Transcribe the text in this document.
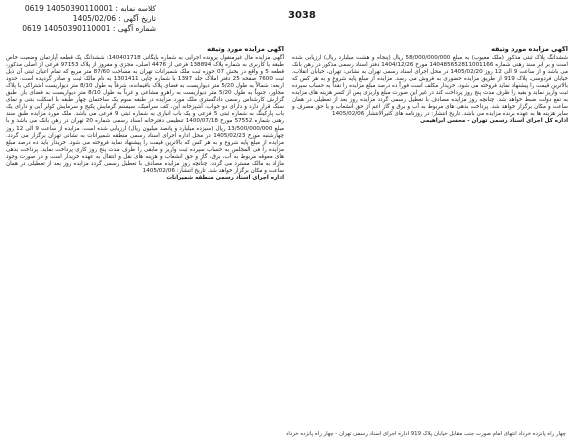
کلاسه نمابه : 14050390110001 0619
تاریخ آگهی : 1405/02/06
شماره آگهی : 14050390110001 0619
3038
آگهی مزایده مورد وثیقه

ششدانگ پلاک ثبتی مذکور (ملک معیوب) به مبلغ 58/000/000/000 ریال (پنجاه و هشت میلیارد ریال) ارزیابی شده است و بر ابر سند رهنی شماره 140485652811001166 مورخ 1404/12/26 دفتر اسناد رسمی مذکور در رهن بانک می باشد و از ساعت 9 الی 12 روز 1405/02/20 در محل اجرای اسناد رسمی تهران به نشانی: تهران، خیابان انقلاب، خیابان فردوسی، پلاک 919 از طریق مزایده حضوری به فروش می رسد. مزایده از مبلغ پایه شروع و به هر کس که بالاترین قیمت را پیشنهاد نماید فروخته می شود. خریدار مکلف است فوراً ده درصد مبلغ مزایده را نقداً به حساب سپرده ثبت واریز نماید و بقیه را ظرف مدت پنج روز پرداخت کند در غیر این صورت مبلغ واریزی پس از کسر هزینه های مزایده به نفع دولت ضبط خواهد شد. چنانچه روز مزایده مصادف با تعطیل رسمی گردد مزایده روز بعد از تعطیلی در همان ساعت و مکان برگزار خواهد شد. پرداخت بدهی های مربوط به آب و برق و گاز اعم از حق انشعاب و یا حق مصرف و سایر هزینه ها به عهده برنده مزایده می باشد. تاریخ انتشار: در روزنامه های کثیرالانتشار 1405/02/06

اداره کل اجرای اسناد رسمی تهران - محسن ابراهیمی

آگهی مزایده مورد وثیقه

آگهی مزایده مال غیرمنقول پرونده اجرایی به شماره بایگانی 140401718: ششدانگ یک قطعه آپارتمان وضعیت خاص طبقه با کاربری به شماره پلاک 138894 فرعی از 4476 اصلی، مجزی و مفروز از پلاک 97153 فرعی از اصلی مذکور، قطعه 5 و واقع در بخش 07 حوزه ثبت ملک شمیرانات تهران به مساحت 87/60 متر مربع که تمام اعیان ثبتی آن ذیل ثبت 7600 صفحه 25 دفتر املاک جلد 1397 با شماره چاپی 1301411 به نام مالک ثبت و صادر گردیده است. حدود اربعه: شمالاً به طول 5/20 متر دیواریست به فضای پلاک باقیمانده، شرقاً به طول 8/10 متر دیواریست اشتراکی با پلاک مجاور، جنوباً به طول 5/20 متر دیواریست به راهرو مشاعی و غرباً به طول 8/10 متر دیواریست به فضای باز. طبق گزارش کارشناس رسمی دادگستری ملک مورد مزایده در طبقه سوم یک ساختمان چهار طبقه با اسکلت بتنی و نمای سنگ قرار دارد و دارای دو خواب، آشپزخانه اپن، کف سرامیک، سیستم گرمایش پکیج و سرمایش کولر آبی و دارای یک باب پارکینگ به شماره ثبتی 5 فرعی و یک باب انباری به شماره ثبتی 9 فرعی می باشد. ملک مورد مزایده طبق سند رهنی شماره 57552 مورخ 1400/07/18 تنظیمی دفترخانه اسناد رسمی شماره 20 تهران در رهن بانک می باشد و با مبلغ 13/500/000/000 ریال (سیزده میلیارد و پانصد میلیون ریال) ارزیابی شده است. مزایده از ساعت 9 الی 12 روز چهارشنبه مورخ 1405/02/23 در محل اداره اجرای اسناد رسمی منطقه شمیرانات به نشانی تهران برگزار می گردد. مزایده از مبلغ پایه شروع و به هر کس که بالاترین قیمت را پیشنهاد نماید فروخته می شود. خریدار باید ده درصد مبلغ مزایده را فی المجلس به حساب سپرده ثبت واریز و مابقی را ظرف مدت پنج روز کاری پرداخت نماید. پرداخت بدهی های معوقه مربوط به آب، برق، گاز و حق انشعاب و هزینه های نقل و انتقال به عهده خریدار است و در صورت وجود مازاد به مالک مسترد می گردد. چنانچه روز مزایده مصادف با تعطیل رسمی گردد مزایده روز بعد از تعطیلی در همان ساعت و مکان برگزار خواهد شد. تاریخ انتشار: 1405/02/06

اداره اجرای اسناد رسمی منطقه شمیرانات

چهار راه پانزده خرداد انتهای امام صورت جنب مقابل خیابان پلاک 919 اداره اجرای اسناد رسمی تهران - چهار راه پانزده خرداد
